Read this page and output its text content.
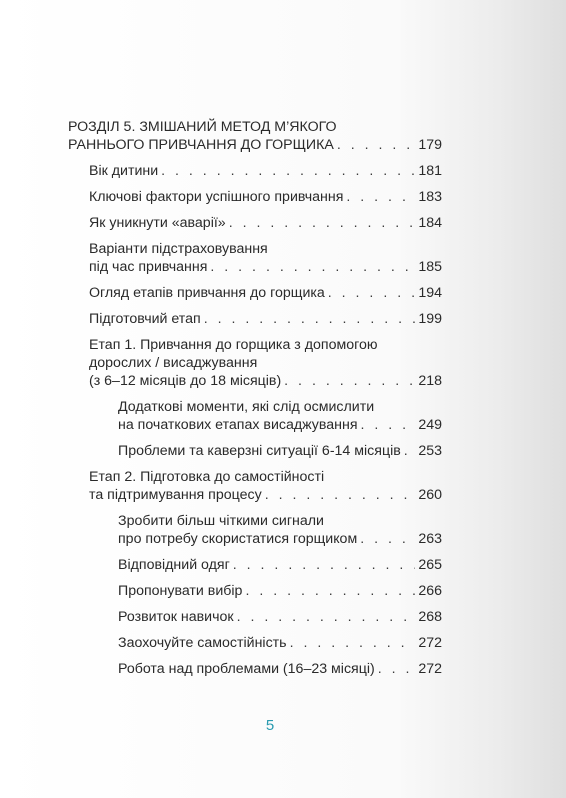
РОЗДІЛ 5. ЗМІШАНИЙ МЕТОД М’ЯКОГО
РАННЬОГО ПРИВЧАННЯ ДО ГОРЩИКА . . .	179
Вік дитини . . .	181
Ключові фактори успішного привчання . . .	183
Як уникнути «аварії» . . .	184
Варіанти підстраховування
під час привчання . . .	185
Огляд етапів привчання до горщика . . .	194
Підготовчий етап . . .	199
Етап 1. Привчання до горщика з допомогою
дорослих / висаджування
(з 6–12 місяців до 18 місяців) . . .	218
Додаткові моменти, які слід осмислити
на початкових етапах висаджування . . .	249
Проблеми та каверзні ситуації 6-14 місяців . . . 253
Етап 2. Підготовка до самостійності
та підтримування процесу . . .	260
Зробити більш чіткими сигнали
про потребу скористатися горщиком . . .	263
Відповідний одяг . . .	265
Пропонувати вибір . . .	266
Розвиток навичок . . .	268
Заохочуйте самостійність . . .	272
Робота над проблемами (16–23 місяці) . . .	272
5
